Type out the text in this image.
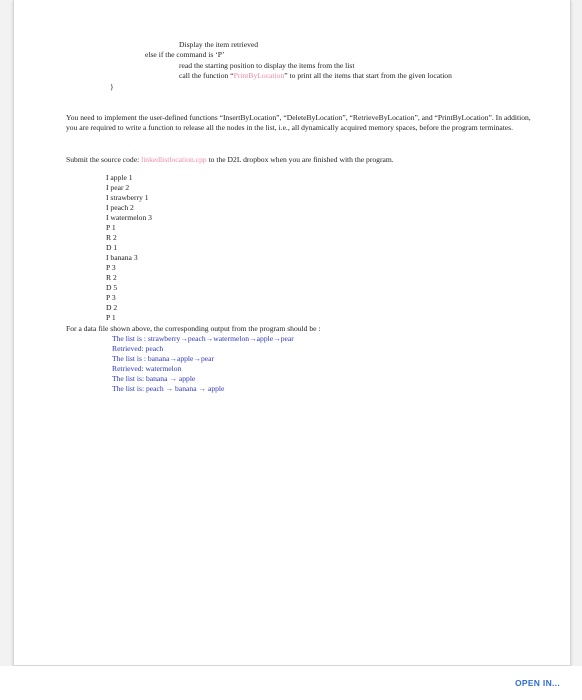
Display the item retrieved
else if the command is ‘P’
read the starting position to display the items from the list
call the function “PrintByLocation” to print all the items that start from the given location
}
You need to implement the user-defined functions “InsertByLocation”, “DeleteByLocation”, “RetrieveByLocation”, and “PrintByLocation”. In addition, you are required to write a function to release all the nodes in the list, i.e., all dynamically acquired memory spaces, before the program terminates.
Submit the source code: linkedlistlocation.cpp to the D2L dropbox when you are finished with the program.
I apple 1
I pear 2
I strawberry 1
I peach 2
I watermelon 3
P 1
R 2
D 1
I banana 3
P 3
R 2
D 5
P 3
D 2
P 1
For a data file shown above, the corresponding output from the program should be :
The list is : strawberry→peach→watermelon→apple→pear
Retrieved: peach
The list is : banana→apple→pear
Retrieved: watermelon
The list is: banana → apple
The list is: peach → banana → apple
OPEN IN...
